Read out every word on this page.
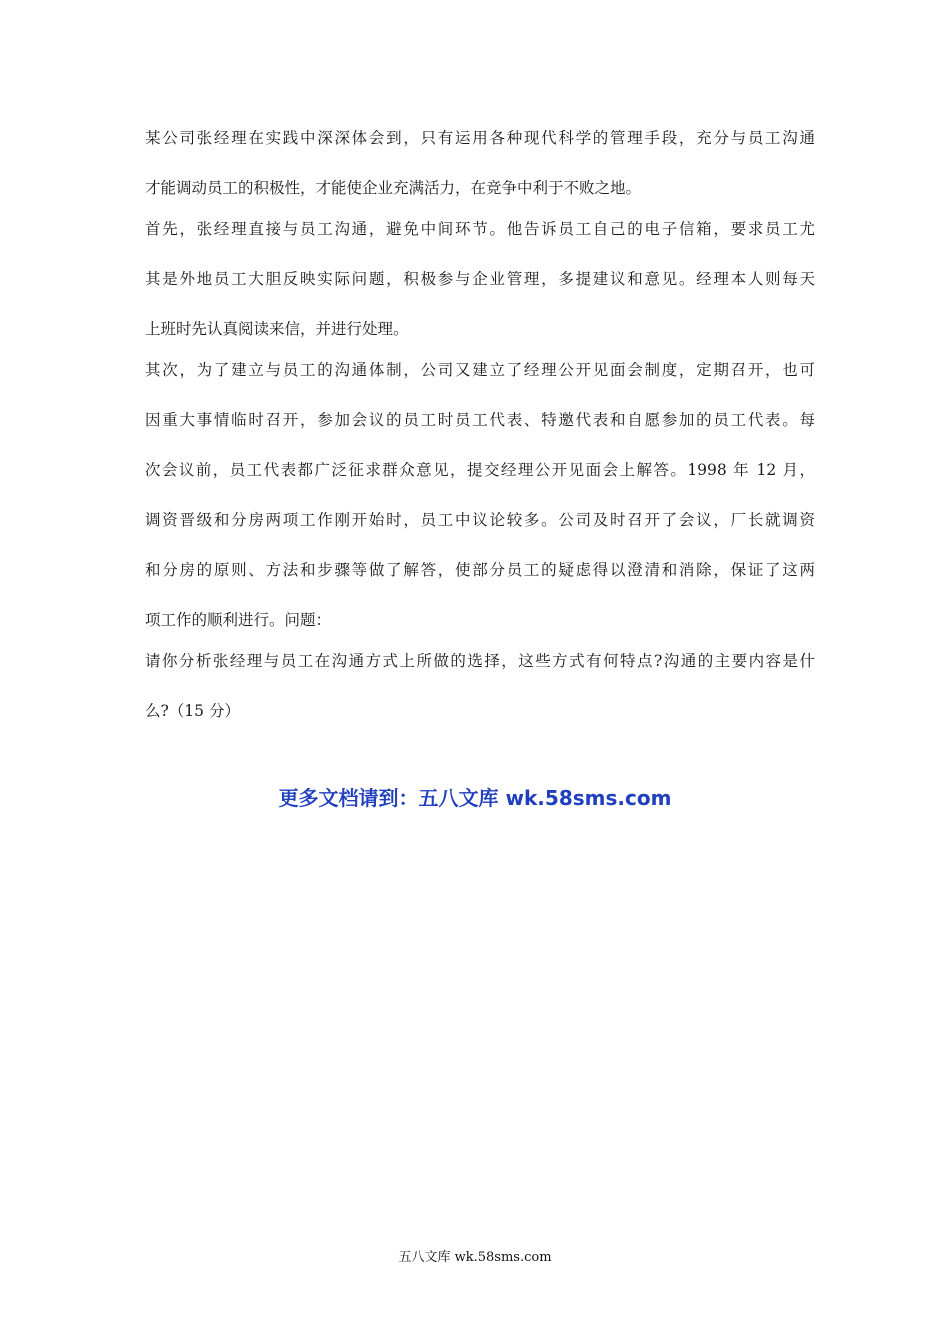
某公司张经理在实践中深深体会到，只有运用各种现代科学的管理手段，充分与员工沟通
才能调动员工的积极性，才能使企业充满活力，在竞争中利于不败之地。
首先，张经理直接与员工沟通，避免中间环节。他告诉员工自己的电子信箱，要求员工尤
其是外地员工大胆反映实际问题，积极参与企业管理，多提建议和意见。经理本人则每天
上班时先认真阅读来信，并进行处理。
其次，为了建立与员工的沟通体制，公司又建立了经理公开见面会制度，定期召开，也可
因重大事情临时召开，参加会议的员工时员工代表、特邀代表和自愿参加的员工代表。每
次会议前，员工代表都广泛征求群众意见，提交经理公开见面会上解答。1998 年 12 月，
调资晋级和分房两项工作刚开始时，员工中议论较多。公司及时召开了会议，厂长就调资
和分房的原则、方法和步骤等做了解答，使部分员工的疑虑得以澄清和消除，保证了这两
项工作的顺利进行。问题：
请你分析张经理与员工在沟通方式上所做的选择，这些方式有何特点?沟通的主要内容是什
么?（15 分）
更多文档请到：五八文库 wk.58sms.com
五八文库 wk.58sms.com
